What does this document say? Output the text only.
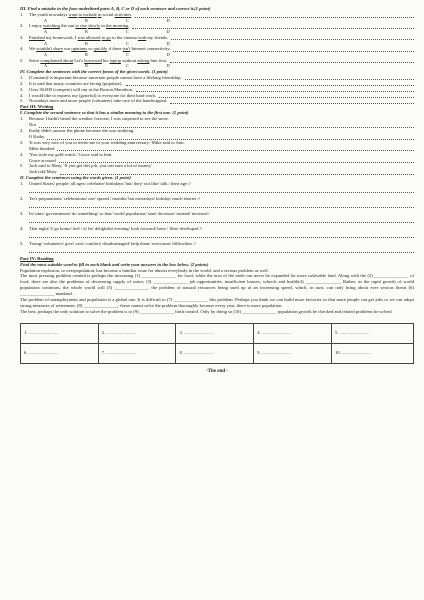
III. Find a mistake in the four underlined parts A, B, C or D of each sentence and correct it.(1 point)
1.	The youth nowadays want to include in social activities.
A	B	C	D
2.	I enjoy watching the sun to rise slowly in the morning.
A	B	C	D
3.	Finished my homework, I was allowed to go to the cinema with my friends.
A	B	C	D
4.	We wouldn't share our opinions so quickly if there isn't Internet connectivity.
A	B	C	D
5.	Steve complained about Liz's borrowed his laptop without asking him first.
A	B	C	D
IV. Complete the sentences with the correct forms of the given words. (1 point)
1.	(Constant) is important because uncertain people cannot have a lifelong friendship.
2.	It is said that many countries are facing (populate).
3.	Over 30,000 (compete) will run in the Boston Marathon.
4.	I would like to express my (grateful) to everyone for their hard work.
5.	Nowadays more and more people (volunteer) take care of the handicapped.
Part III: Writing
I. Complete the second sentence so that it has a similar meaning to the first one. (1 point)
1.	Because I hadn't heard the weather forecast, I was surprised to see the snow.
Not
2.	Kathy didn't answer the phone because she was studying.
If Kathy
3.	'It was very nice of you to invite me to your wedding anniversary,' Mike said to Ann.
Mike thanked
4.	'You stole my gold watch,' Grace said to him.
Grace accused
5.	Jack said to Mary, 'If you get this job, you can earn a lot of money.'
Jack told Mary
II. Complete the sentences using the words given. (1 point)
1.	United States/ people/ all ages/ celebrate/ birthdays/ but/ they/ not like/ talk / their age //
2.	Tet's preparations/ celebrations/ use/ spread / months/ but nowadays/ holiday/ much shorter //
3.	In/ time/ governments/ do something/ so that/ world population/ start/ decrease/ instead/ increase//
4.	That night/ I/ go home/ feel / it/ be/ delightful evening/ look forward/ have / film/ developed //
5.	Young/ volunteers/ give/ care/ comfort/ disadvantaged/ help them/ overcome/ difficulties //
Part IV: Reading
Find the most suitable word to fill in each blank and write your answers in the box below. (2 points)
Population explosion, or overpopulation, has become a familiar issue for almost everybody in the world, and a serious problem as well.
The most pressing problem created is perhaps the increasing (1) _______________ for food, while the area of the earth can never be expanded for more cultivable land. Along with the (2) _______________ of food, there are also the problems of decreasing supply of water, (3) _______________ job opportunities, insufficient houses, schools and health(4) _______________. Rather, as the rapid growth of world population continues, the whole world will (5) _______________ the problem of natural resources being used up at an increasing speed, which, in turn, can only bring about ever serious threat (6) _______________ mankind.
The problem of unemployment and population is a global one. It is difficult to (7) _______________ this problem. Perhaps you think we can build more factories so that more people can get jobs or we can adopt strong measures of retirement. (8) _______________, these cannot solve the problem thoroughly because every year, there is more population.
The best, perhaps the only solution to solve the problem is to (9) _______________ birth control. Only by doing so (10) _______________ population growth be checked and related problems be solved
1. ..........................	2. ..........................	3. ..........................	4. ..........................	5. ..........................
6. ..........................	7. ..........................	8. ..........................	9. ..........................	10. ..........................
-The end -
